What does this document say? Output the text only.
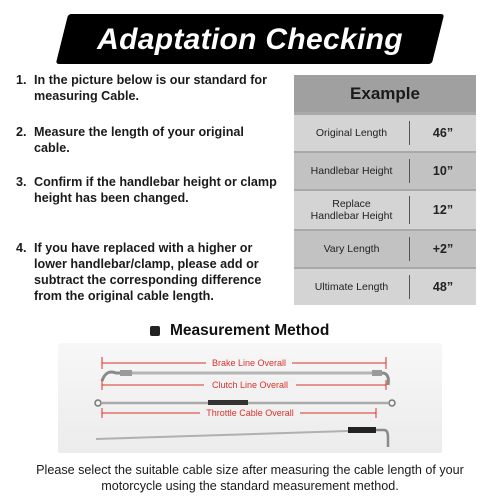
Adaptation Checking
1. In the picture below is our standard for measuring Cable.
2. Measure the length of your original cable.
3. Confirm if the handlebar height or clamp height has been changed.
4. If you have replaced with a higher or lower handlebar/clamp, please add or subtract the corresponding difference from the original cable length.
Example
Original Length	46”
Handlebar Height	10”
Replace Handlebar Height	12”
Vary Length	+2”
Ultimate Length	48”
Measurement Method
Brake Line Overall
Clutch Line Overall
Throttle Cable Overall
Please select the suitable cable size after measuring the cable length of your motorcycle using the standard measurement method.
